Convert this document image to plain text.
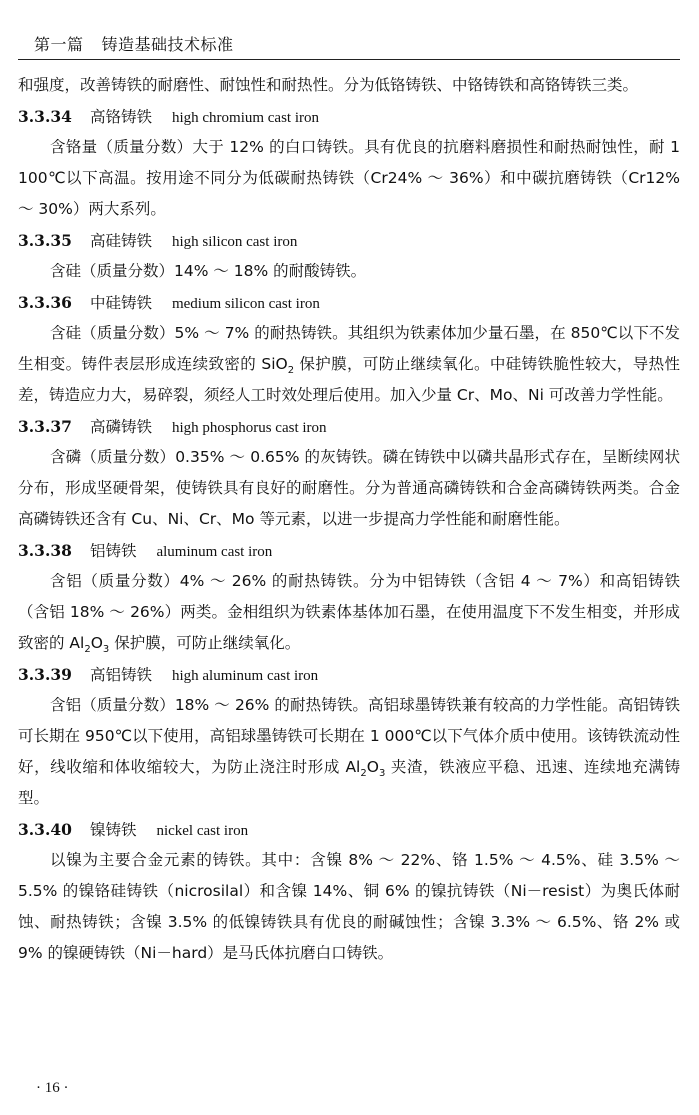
第一篇 铸造基础技术标准

和强度，改善铸铁的耐磨性、耐蚀性和耐热性。分为低铬铸铁、中铬铸铁和高铬铸铁三类。

3.3.34 高铬铸铁 high chromium cast iron

含铬量（质量分数）大于 12% 的白口铸铁。具有优良的抗磨料磨损性和耐热耐蚀性，耐 1 100℃以下高温。按用途不同分为低碳耐热铸铁（Cr24% ～ 36%）和中碳抗磨铸铁（Cr12% ～ 30%）两大系列。

3.3.35 高硅铸铁 high silicon cast iron

含硅（质量分数）14% ～ 18% 的耐酸铸铁。

3.3.36 中硅铸铁 medium silicon cast iron

含硅（质量分数）5% ～ 7% 的耐热铸铁。其组织为铁素体加少量石墨，在 850℃以下不发生相变。铸件表层形成连续致密的 SiO$_2$ 保护膜，可防止继续氧化。中硅铸铁脆性较大，导热性差，铸造应力大，易碎裂，须经人工时效处理后使用。加入少量 Cr、Mo、Ni 可改善力学性能。

3.3.37 高磷铸铁 high phosphorus cast iron

含磷（质量分数）0.35% ～ 0.65% 的灰铸铁。磷在铸铁中以磷共晶形式存在，呈断续网状分布，形成坚硬骨架，使铸铁具有良好的耐磨性。分为普通高磷铸铁和合金高磷铸铁两类。合金高磷铸铁还含有 Cu、Ni、Cr、Mo 等元素，以进一步提高力学性能和耐磨性能。

3.3.38 铝铸铁 aluminum cast iron

含铝（质量分数）4% ～ 26% 的耐热铸铁。分为中铝铸铁（含铝 4 ～ 7%）和高铝铸铁（含铝 18% ～ 26%）两类。金相组织为铁素体基体加石墨，在使用温度下不发生相变，并形成致密的 $Al_2O_3$ 保护膜，可防止继续氧化。

3.3.39 高铝铸铁 high aluminum cast iron

含铝（质量分数）18% ～ 26% 的耐热铸铁。高铝球墨铸铁兼有较高的力学性能。高铝铸铁可长期在 950℃以下使用，高铝球墨铸铁可长期在 1 000℃以下气体介质中使用。该铸铁流动性好，线收缩和体收缩较大，为防止浇注时形成 $Al_2O_3$ 夹渣，铁液应平稳、迅速、连续地充满铸型。

3.3.40 镍铸铁 nickel cast iron

以镍为主要合金元素的铸铁。其中：含镍 8% ～ 22%、铬 1.5% ～ 4.5%、硅 3.5% ～ 5.5% 的镍铬硅铸铁（nicrosilal）和含镍 14%、铜 6% 的镍抗铸铁（Ni－resist）为奥氏体耐蚀、耐热铸铁；含镍 3.5% 的低镍铸铁具有优良的耐碱蚀性；含镍 3.3% ～ 6.5%、铬 2% 或 9% 的镍硬铸铁（Ni－hard）是马氏体抗磨白口铸铁。

· 16 ·
